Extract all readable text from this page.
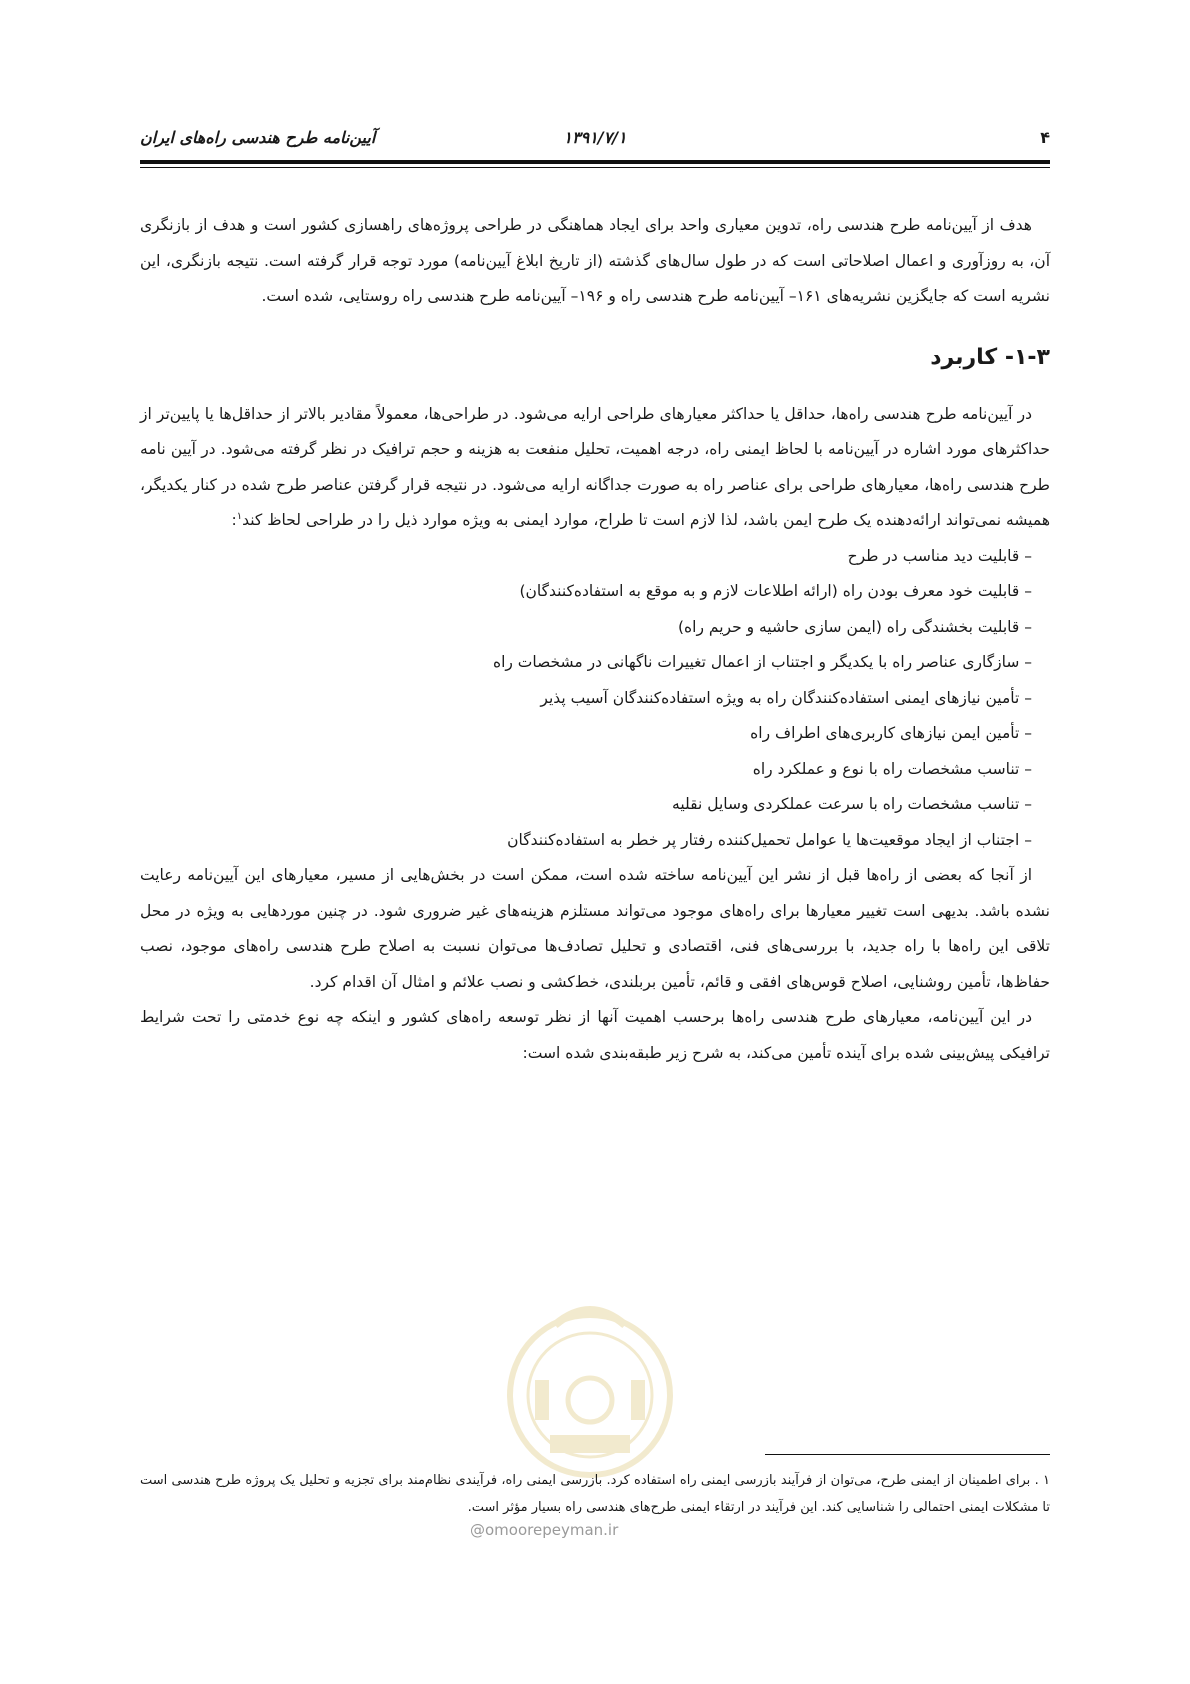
۴
۱۳۹۱/۷/۱
آیین‌نامه طرح هندسی راه‌های ایران

هدف از آیین‌نامه طرح هندسی راه، تدوین معیاری واحد برای ایجاد هماهنگی در طراحی پروژه‌های راهسازی کشور است و هدف از بازنگری آن، به روزآوری و اعمال اصلاحاتی است که در طول سال‌های گذشته (از تاریخ ابلاغ آیین‌نامه) مورد توجه قرار گرفته است. نتیجه بازنگری، این نشریه است که جایگزین نشریه‌های ۱۶۱– آیین‌نامه طرح هندسی راه و ۱۹۶– آیین‌نامه طرح هندسی راه روستایی، شده است.

۱-۳- کاربرد

در آیین‌نامه طرح هندسی راه‌ها، حداقل یا حداکثر معیارهای طراحی ارایه می‌شود. در طراحی‌ها، معمولاً مقادیر بالاتر از حداقل‌ها یا پایین‌تر از حداکثرهای مورد اشاره در آیین‌نامه با لحاظ ایمنی راه، درجه اهمیت، تحلیل منفعت به هزینه و حجم ترافیک در نظر گرفته می‌شود. در آیین نامه طرح هندسی راه‌ها، معیارهای طراحی برای عناصر راه به صورت جداگانه ارایه می‌شود. در نتیجه قرار گرفتن عناصر طرح شده در کنار یکدیگر، همیشه نمی‌تواند ارائه‌دهنده یک طرح ایمن باشد، لذا لازم است تا طراح، موارد ایمنی به ویژه موارد ذیل را در طراحی لحاظ کند$^۱$:

– قابلیت دید مناسب در طرح
– قابلیت خود معرف بودن راه (ارائه اطلاعات لازم و به موقع به استفاده‌کنندگان)
– قابلیت بخشندگی راه (ایمن سازی حاشیه و حریم راه)
– سازگاری عناصر راه با یکدیگر و اجتناب از اعمال تغییرات ناگهانی در مشخصات راه
– تأمین نیازهای ایمنی استفاده‌کنندگان راه به ویژه استفاده‌کنندگان آسیب پذیر
– تأمین ایمن نیازهای کاربری‌های اطراف راه
– تناسب مشخصات راه با نوع و عملکرد راه
– تناسب مشخصات راه با سرعت عملکردی وسایل نقلیه
– اجتناب از ایجاد موقعیت‌ها یا عوامل تحمیل‌کننده رفتار پر خطر به استفاده‌کنندگان

از آنجا که بعضی از راه‌ها قبل از نشر این آیین‌نامه ساخته شده است، ممکن است در بخش‌هایی از مسیر، معیارهای این آیین‌نامه رعایت نشده باشد. بدیهی است تغییر معیارها برای راه‌های موجود می‌تواند مستلزم هزینه‌های غیر ضروری شود. در چنین موردهایی به ویژه در محل تلاقی این راه‌ها با راه جدید، با بررسی‌های فنی، اقتصادی و تحلیل تصادف‌ها می‌توان نسبت به اصلاح طرح هندسی راه‌های موجود، نصب حفاظ‌ها، تأمین روشنایی، اصلاح قوس‌های افقی و قائم، تأمین بربلندی، خط‌کشی و نصب علائم و امثال آن اقدام کرد.

در این آیین‌نامه، معیارهای طرح هندسی راه‌ها برحسب اهمیت آنها از نظر توسعه راه‌های کشور و اینکه چه نوع خدمتی را تحت شرایط ترافیکی پیش‌بینی شده برای آینده تأمین می‌کند، به شرح زیر طبقه‌بندی شده است:

@omoorepeyman.ir
۱ . برای اطمینان از ایمنی طرح، می‌توان از فرآیند بازرسی ایمنی راه استفاده کرد. بازرسی ایمنی راه، فرآیندی نظام‌مند برای تجزیه و تحلیل یک پروژه طرح هندسی است تا مشکلات ایمنی احتمالی را شناسایی کند. این فرآیند در ارتقاء ایمنی طرح‌های هندسی راه بسیار مؤثر است.
